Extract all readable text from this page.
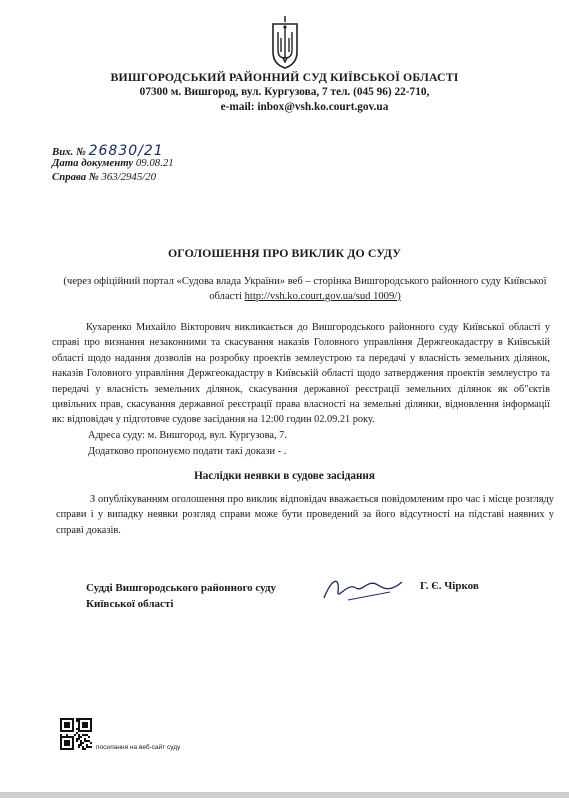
ВИШГОРОДСЬКИЙ РАЙОННИЙ СУД КИЇВСЬКОЇ ОБЛАСТІ
07300 м. Вишгород, вул. Кургузова, 7 тел. (045 96) 22-710,
e-mail: inbox@vsh.ko.court.gov.ua
Вих. № 26830/21
Дата документу 09.08.21
Справа № 363/2945/20
ОГОЛОШЕННЯ ПРО ВИКЛИК ДО СУДУ
(через офіційний портал «Судова влада України» веб – сторінка Вишгородського районного суду Київської області http://vsh.ko.court.gov.ua/sud 1009/)
Кухаренко Михайло Вікторович викликається до Вишгородського районного суду Київської області у справі про визнання незаконними та скасування наказів Головного управління Держгеокадастру в Київській області щодо надання дозволів на розробку проектів землеустрою та передачі у власність земельних ділянок, наказів Головного управління Держгеокадастру в Київській області щодо затвердження проектів землеустро та передачі у власність земельних ділянок, скасування державної реєстрації земельних ділянок як об"єктів цивільних прав, скасування державної реєстрації права власності на земельні ділянки, відновлення інформації як: відповідач у підготовче судове засідання на 12:00 годин 02.09.21 року.
Адреса суду: м. Вишгород, вул. Кургузова, 7.
Додатково пропонуємо подати такі докази - .
Наслідки неявки в судове засідання
З опублікуванням оголошення про виклик відповідач вважається повідомленим про час і місце розгляду справи і у випадку неявки розгляд справи може бути проведений за його відсутності на підставі наявних у справі доказів.
Судді Вишгородського районного суду Київської області
Г. Є. Чірков
посилання на веб-сайт суду
